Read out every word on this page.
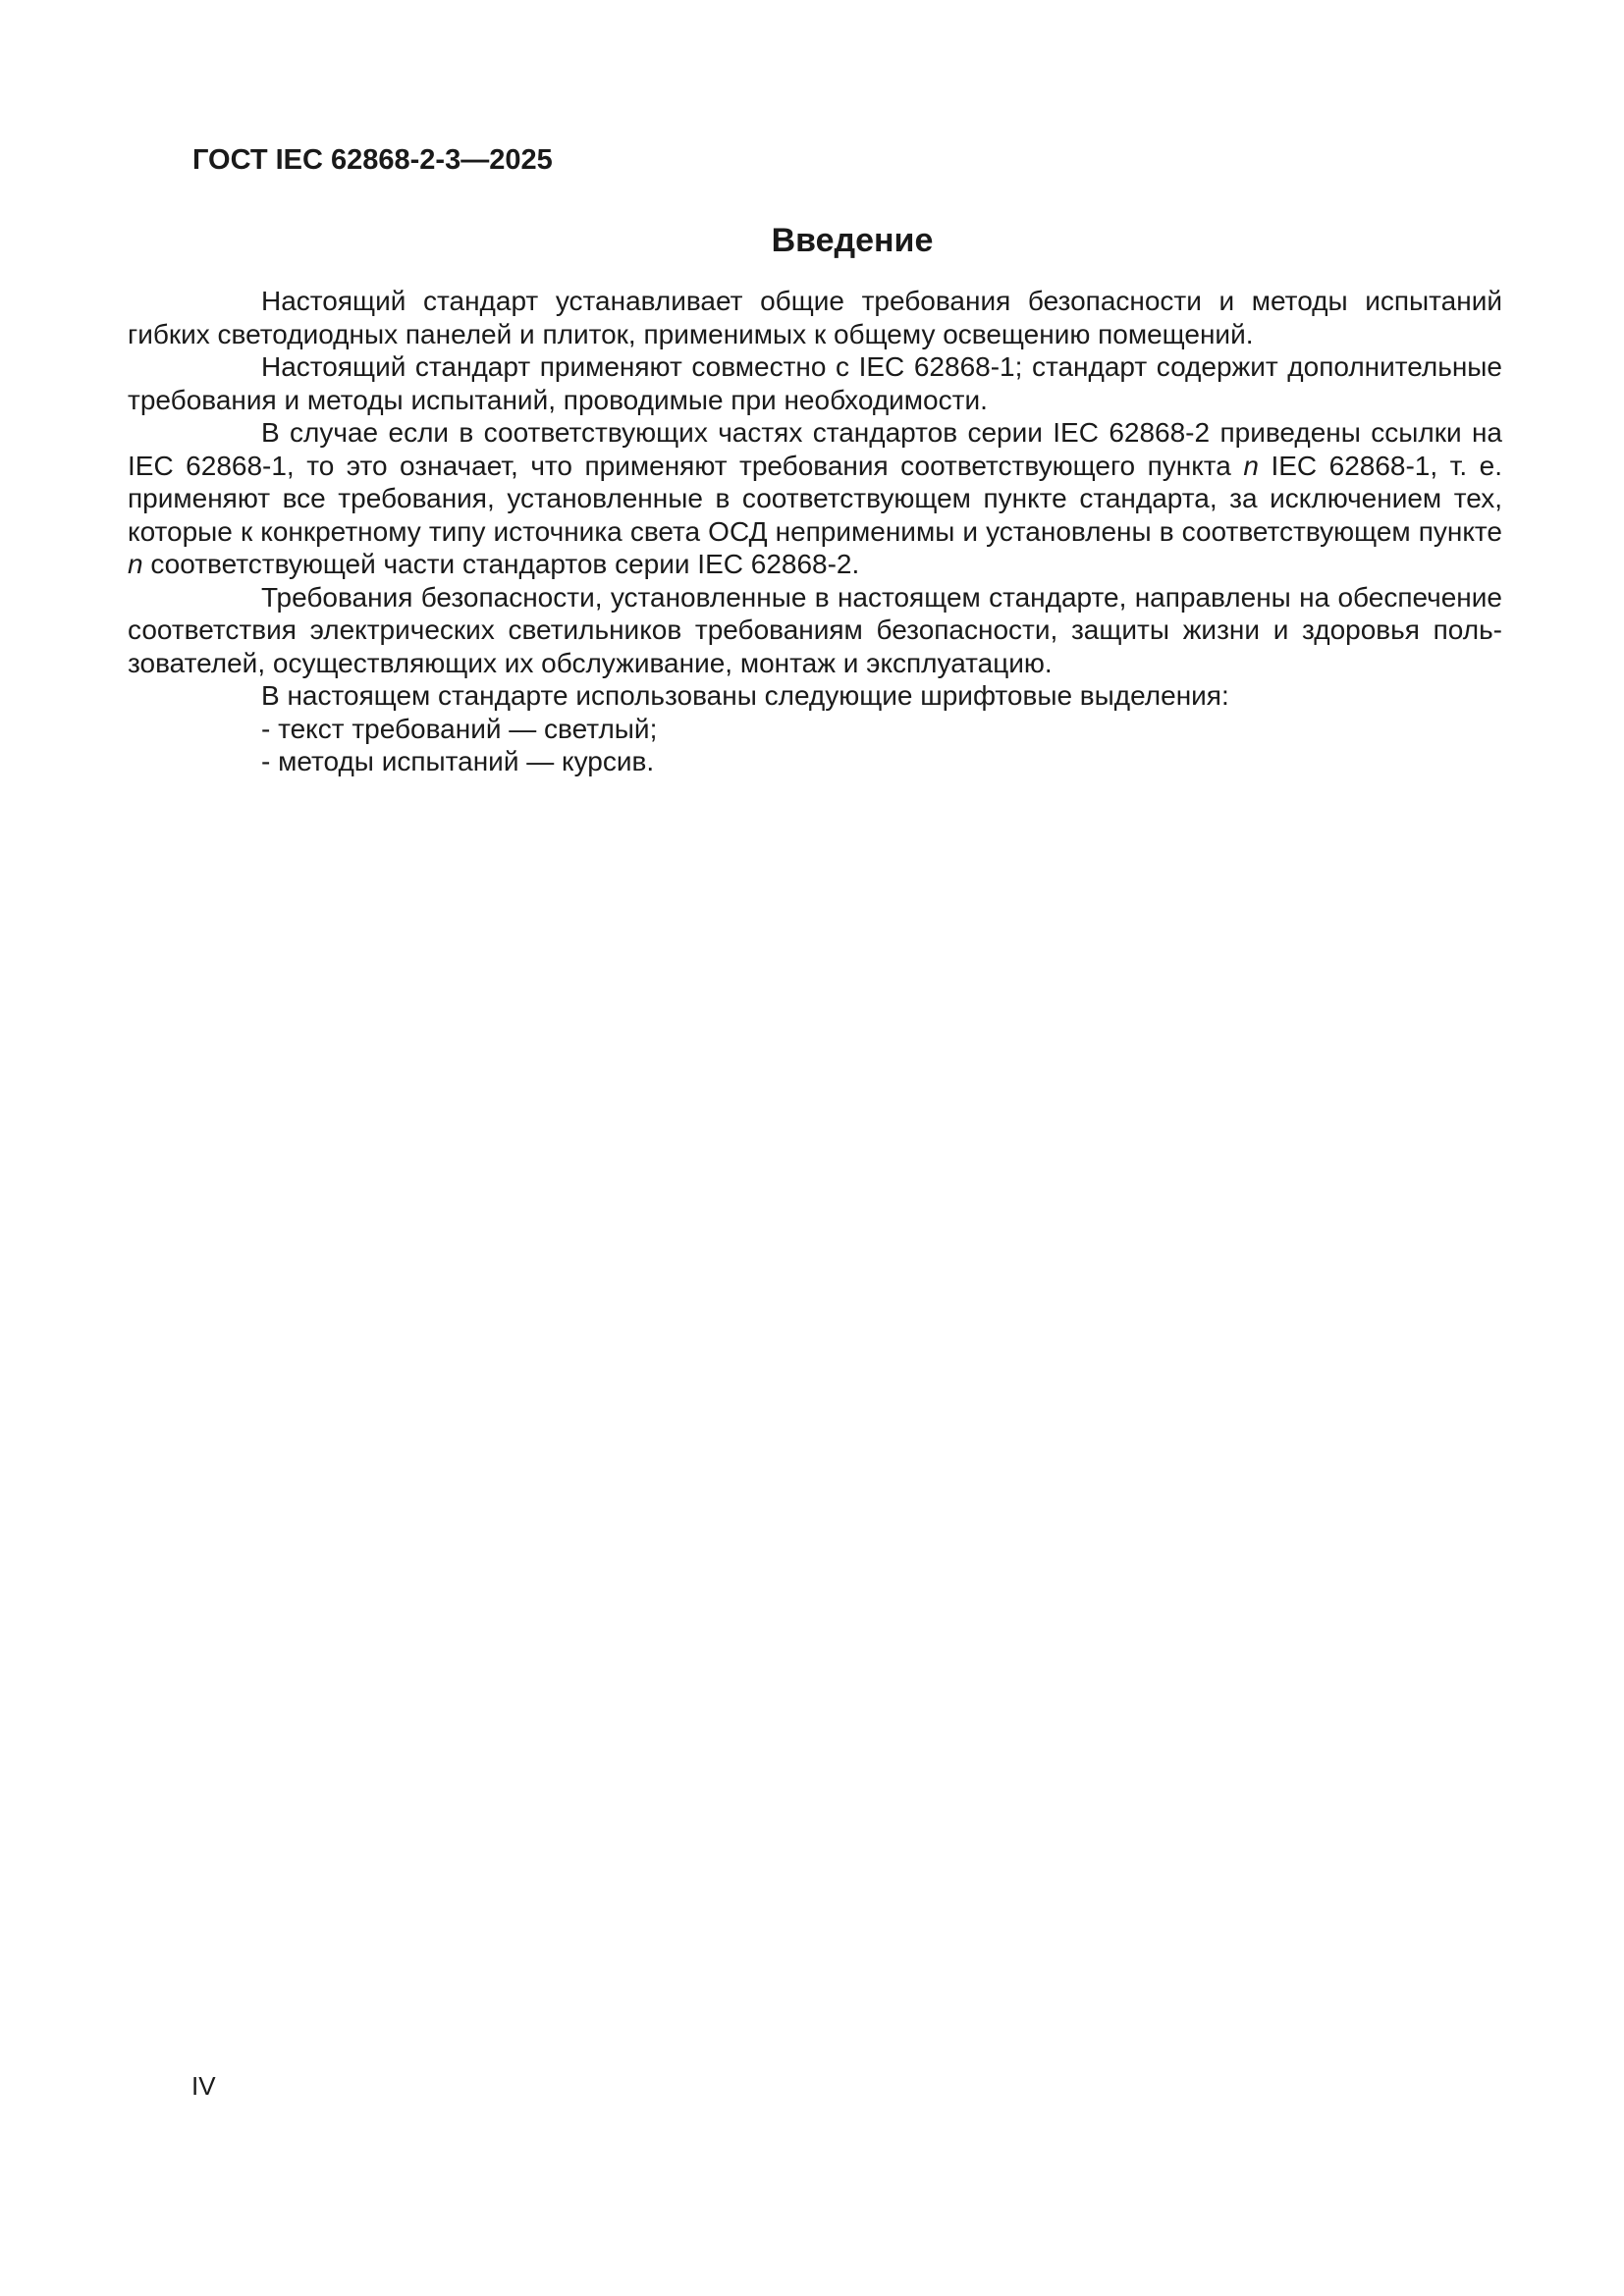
ГОСТ IEC 62868-2-3—2025
Введение

Настоящий стандарт устанавливает общие требования безопасности и методы испытаний гибких светодиодных панелей и плиток, применимых к общему освещению помещений.

Настоящий стандарт применяют совместно с IEC 62868-1; стандарт содержит дополнительные требования и методы испытаний, проводимые при необходимости.

В случае если в соответствующих частях стандартов серии IEC 62868-2 приведены ссылки на IEC 62868-1, то это означает, что применяют требования соответствующего пункта n IEC 62868-1, т. е. применяют все требования, установленные в соответствующем пункте стандарта, за исключением тех, которые к конкретному типу источника света ОСД неприменимы и установлены в соответствующем пункте n соответствующей части стандартов серии IEC 62868-2.

Требования безопасности, установленные в настоящем стандарте, направлены на обеспечение соответствия электрических светильников требованиям безопасности, защиты жизни и здоровья пользователей, осуществляющих их обслуживание, монтаж и эксплуатацию.

В настоящем стандарте использованы следующие шрифтовые выделения:

- текст требований — светлый;

- методы испытаний — курсив.

IV
